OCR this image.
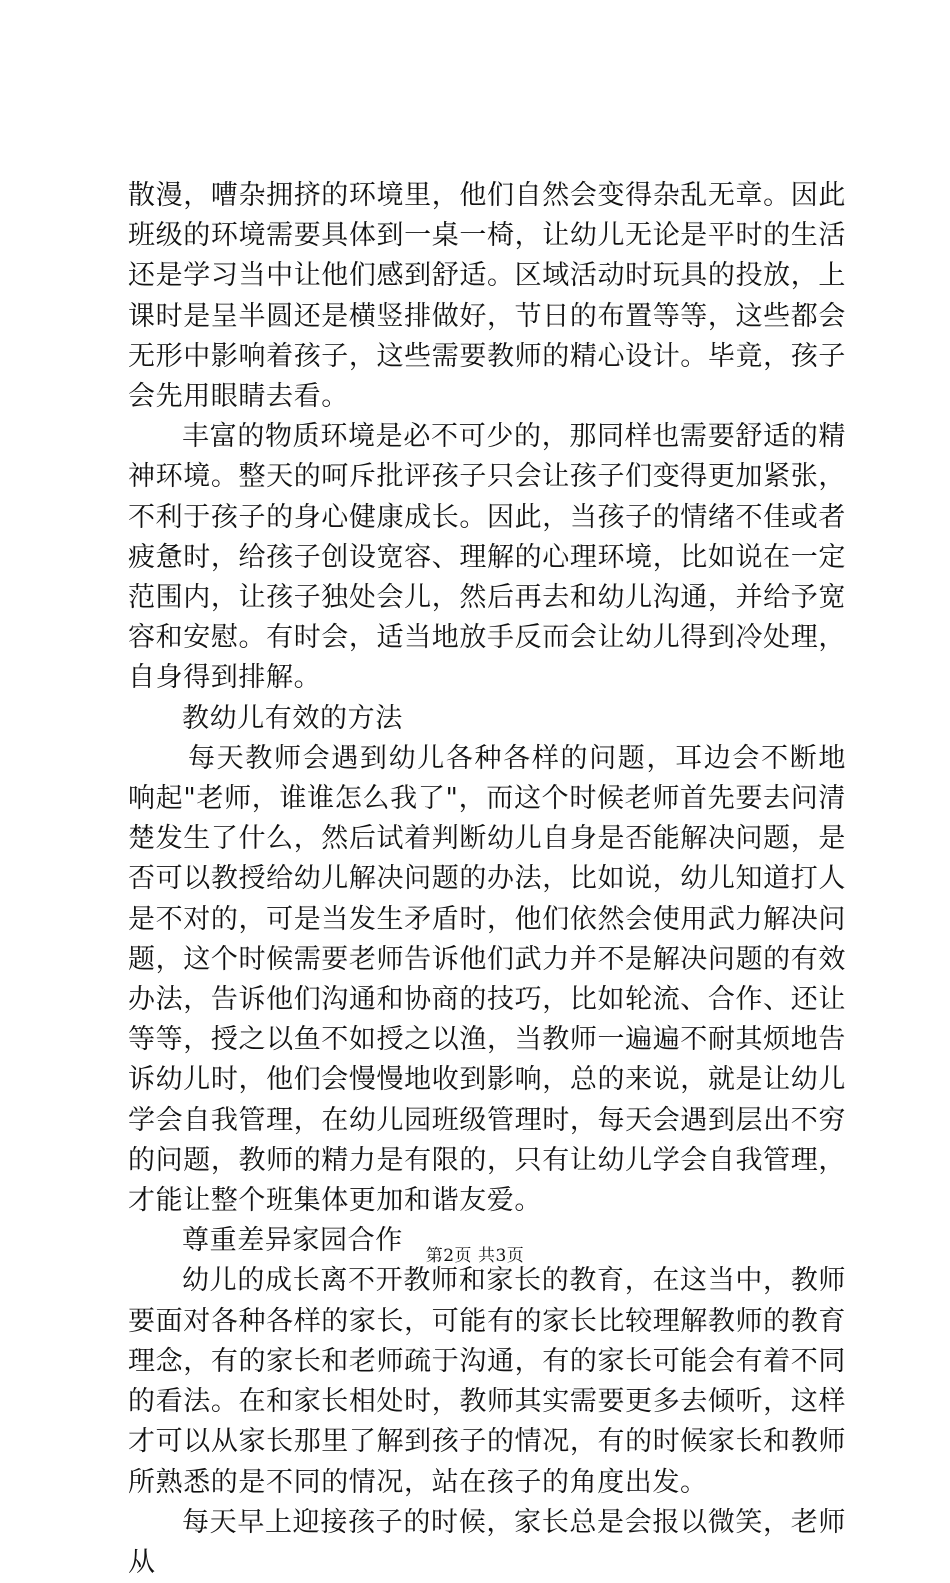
散漫，嘈杂拥挤的环境里，他们自然会变得杂乱无章。因此班级的环境需要具体到一桌一椅，让幼儿无论是平时的生活还是学习当中让他们感到舒适。区域活动时玩具的投放，上课时是呈半圆还是横竖排做好，节日的布置等等，这些都会无形中影响着孩子，这些需要教师的精心设计。毕竟，孩子会先用眼睛去看。

丰富的物质环境是必不可少的，那同样也需要舒适的精神环境。整天的呵斥批评孩子只会让孩子们变得更加紧张，不利于孩子的身心健康成长。因此，当孩子的情绪不佳或者疲惫时，给孩子创设宽容、理解的心理环境，比如说在一定范围内，让孩子独处会儿，然后再去和幼儿沟通，并给予宽容和安慰。有时会，适当地放手反而会让幼儿得到冷处理，自身得到排解。

教幼儿有效的方法

每天教师会遇到幼儿各种各样的问题，耳边会不断地响起"老师，谁谁怎么我了"，而这个时候老师首先要去问清楚发生了什么，然后试着判断幼儿自身是否能解决问题，是否可以教授给幼儿解决问题的办法，比如说，幼儿知道打人是不对的，可是当发生矛盾时，他们依然会使用武力解决问题，这个时候需要老师告诉他们武力并不是解决问题的有效办法，告诉他们沟通和协商的技巧，比如轮流、合作、还让等等，授之以鱼不如授之以渔，当教师一遍遍不耐其烦地告诉幼儿时，他们会慢慢地收到影响，总的来说，就是让幼儿学会自我管理，在幼儿园班级管理时，每天会遇到层出不穷的问题，教师的精力是有限的，只有让幼儿学会自我管理，才能让整个班集体更加和谐友爱。

尊重差异家园合作

幼儿的成长离不开教师和家长的教育，在这当中，教师要面对各种各样的家长，可能有的家长比较理解教师的教育理念，有的家长和老师疏于沟通，有的家长可能会有着不同的看法。在和家长相处时，教师其实需要更多去倾听，这样才可以从家长那里了解到孩子的情况，有的时候家长和教师所熟悉的是不同的情况，站在孩子的角度出发。

每天早上迎接孩子的时候，家长总是会报以微笑，老师从

第2页 共3页
